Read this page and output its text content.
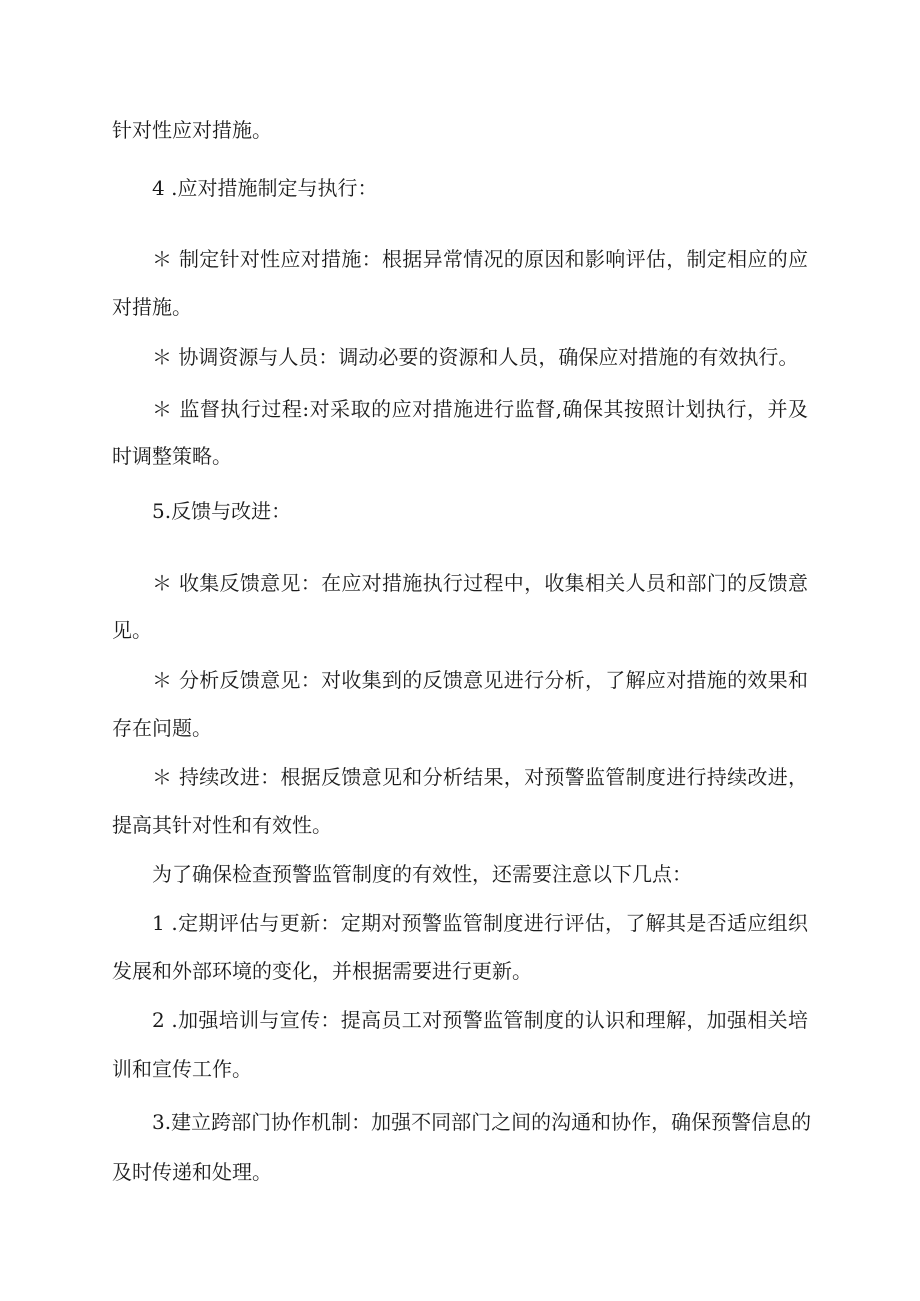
针对性应对措施。

4 .应对措施制定与执行：

＊ 制定针对性应对措施：根据异常情况的原因和影响评估，制定相应的应

对措施。

＊ 协调资源与人员：调动必要的资源和人员，确保应对措施的有效执行。

＊ 监督执行过程:对采取的应对措施进行监督,确保其按照计划执行，并及

时调整策略。

5.反馈与改进：

＊ 收集反馈意见：在应对措施执行过程中，收集相关人员和部门的反馈意

见。

＊ 分析反馈意见：对收集到的反馈意见进行分析，了解应对措施的效果和

存在问题。

＊ 持续改进：根据反馈意见和分析结果，对预警监管制度进行持续改进，

提高其针对性和有效性。

为了确保检查预警监管制度的有效性，还需要注意以下几点：

1 .定期评估与更新：定期对预警监管制度进行评估，了解其是否适应组织

发展和外部环境的变化，并根据需要进行更新。

2 .加强培训与宣传：提高员工对预警监管制度的认识和理解，加强相关培

训和宣传工作。

3.建立跨部门协作机制：加强不同部门之间的沟通和协作，确保预警信息的

及时传递和处理。
